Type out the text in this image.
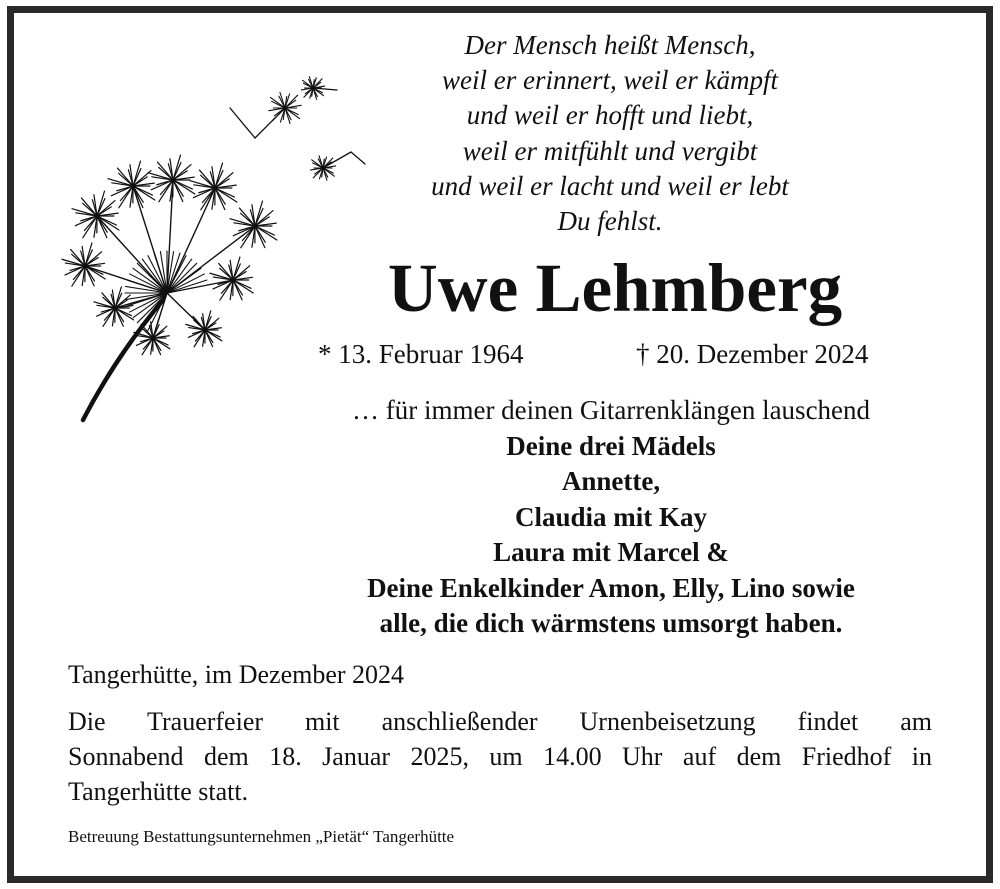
Der Mensch heißt Mensch,
weil er erinnert, weil er kämpft
und weil er hofft und liebt,
weil er mitfühlt und vergibt
und weil er lacht und weil er lebt
Du fehlst.
Uwe Lehmberg
* 13. Februar 1964	† 20. Dezember 2024
… für immer deinen Gitarrenklängen lauschend
Deine drei Mädels
Annette,
Claudia mit Kay
Laura mit Marcel &
Deine Enkelkinder Amon, Elly, Lino sowie
alle, die dich wärmstens umsorgt haben.
Tangerhütte, im Dezember 2024
Die Trauerfeier mit anschließender Urnenbeisetzung findet am
Sonnabend dem 18. Januar 2025, um 14.00 Uhr auf dem Friedhof in
Tangerhütte statt.
Betreuung Bestattungsunternehmen „Pietät“ Tangerhütte
